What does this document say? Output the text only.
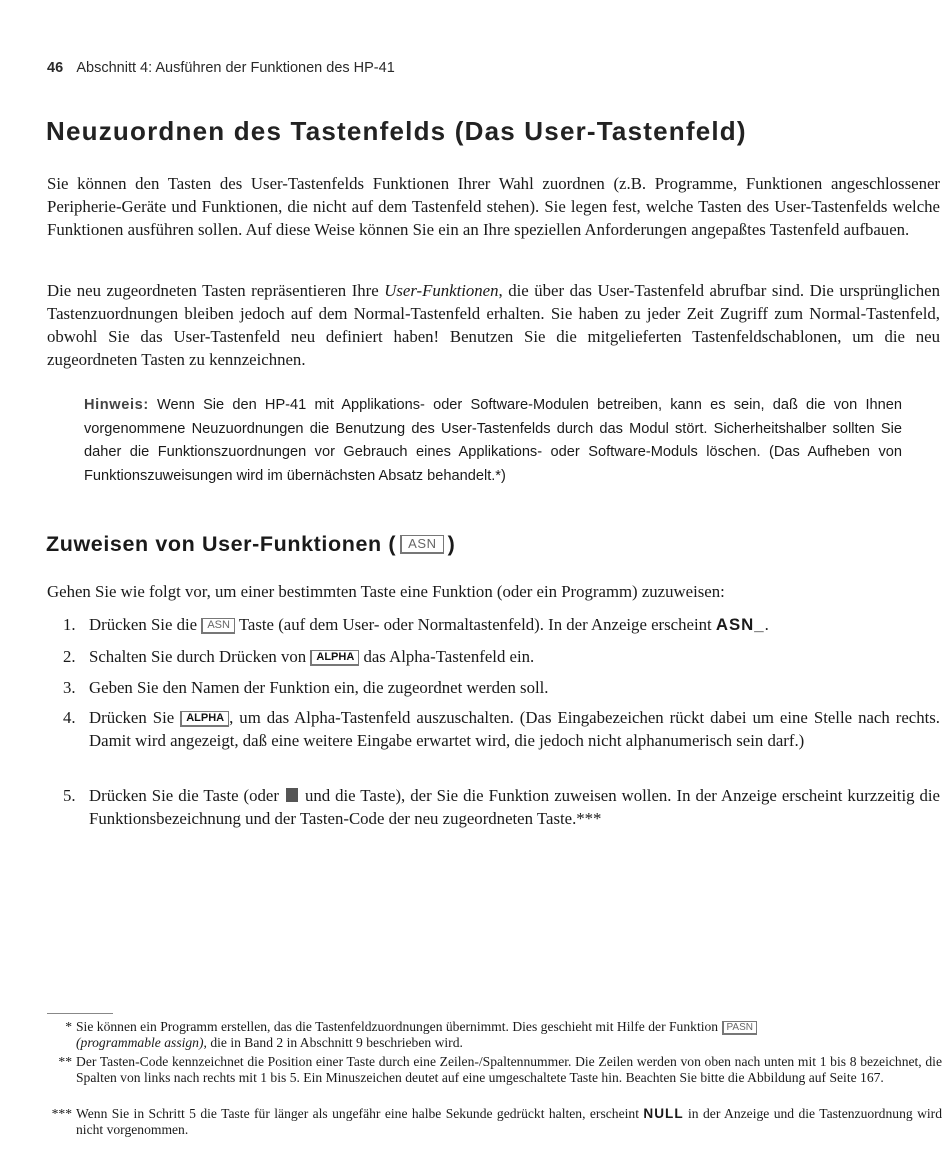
46 Abschnitt 4: Ausführen der Funktionen des HP-41
Neuzuordnen des Tastenfelds (Das User-Tastenfeld)

Sie können den Tasten des User-Tastenfelds Funktionen Ihrer Wahl zuordnen (z.B. Programme, Funktionen angeschlossener Peripherie-Geräte und Funktionen, die nicht auf dem Tastenfeld stehen). Sie legen fest, welche Tasten des User-Tastenfelds welche Funktionen ausführen sollen. Auf diese Weise können Sie ein an Ihre speziellen Anforderungen angepaßtes Tastenfeld aufbauen.

Die neu zugeordneten Tasten repräsentieren Ihre User-Funktionen, die über das User-Tastenfeld abrufbar sind. Die ursprünglichen Tastenzuordnungen bleiben jedoch auf dem Normal-Tastenfeld erhalten. Sie haben zu jeder Zeit Zugriff zum Normal-Tastenfeld, obwohl Sie das User-Tastenfeld neu definiert haben! Benutzen Sie die mitgelieferten Tastenfeldschablonen, um die neu zugeordneten Tasten zu kennzeichnen.

Hinweis: Wenn Sie den HP-41 mit Applikations- oder Software-Modulen betreiben, kann es sein, daß die von Ihnen vorgenommene Neuzuordnungen die Benutzung des User-Tastenfelds durch das Modul stört. Sicherheitshalber sollten Sie daher die Funktionszuordnungen vor Gebrauch eines Applikations- oder Software-Moduls löschen. (Das Aufheben von Funktionszuweisungen wird im übernächsten Absatz behandelt.*)

Zuweisen von User-Funktionen ( ASN )

Gehen Sie wie folgt vor, um einer bestimmten Taste eine Funktion (oder ein Programm) zuzuweisen:

1. Drücken Sie die ASN Taste (auf dem User- oder Normaltastenfeld). In der Anzeige erscheint ASN_.
2. Schalten Sie durch Drücken von ALPHA das Alpha-Tastenfeld ein.
3. Geben Sie den Namen der Funktion ein, die zugeordnet werden soll.
4. Drücken Sie ALPHA , um das Alpha-Tastenfeld auszuschalten. (Das Eingabezeichen rückt dabei um eine Stelle nach rechts. Damit wird angezeigt, daß eine weitere Eingabe erwartet wird, die jedoch nicht alphanumerisch sein darf.)
5. Drücken Sie die Taste (oder  und die Taste), der Sie die Funktion zuweisen wollen. In der Anzeige erscheint kurzzeitig die Funktionsbezeichnung und der Tasten-Code der neu zugeordneten Taste.***
* Sie können ein Programm erstellen, das die Tastenfeldzuordnungen übernimmt. Dies geschieht mit Hilfe der Funktion PASN
(programmable assign), die in Band 2 in Abschnitt 9 beschrieben wird.
** Der Tasten-Code kennzeichnet die Position einer Taste durch eine Zeilen-/Spaltennummer. Die Zeilen werden von oben nach unten mit 1 bis 8 bezeichnet, die Spalten von links nach rechts mit 1 bis 5. Ein Minuszeichen deutet auf eine umgeschaltete Taste hin. Beachten Sie bitte die Abbildung auf Seite 167.
*** Wenn Sie in Schritt 5 die Taste für länger als ungefähr eine halbe Sekunde gedrückt halten, erscheint NULL in der Anzeige und die Tastenzuordnung wird nicht vorgenommen.
